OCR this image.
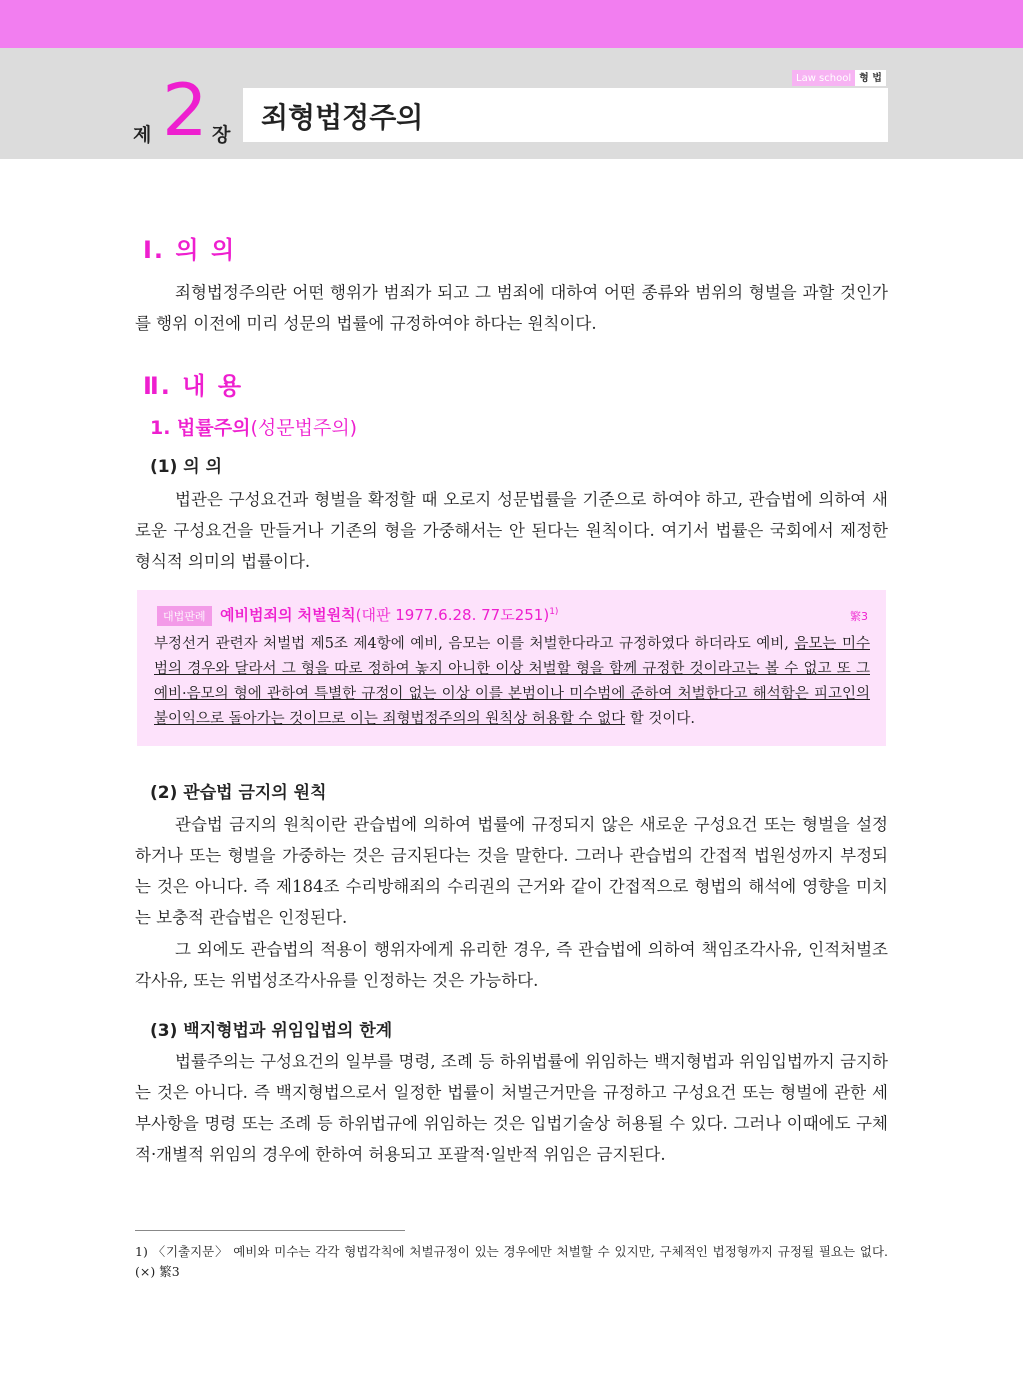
Law school 형 법
제 2 장
죄형법정주의
Ⅰ. 의 의
죄형법정주의란 어떤 행위가 범죄가 되고 그 범죄에 대하여 어떤 종류와 범위의 형벌을 과할 것인가를 행위 이전에 미리 성문의 법률에 규정하여야 하다는 원칙이다.
Ⅱ. 내 용
1. 법률주의(성문법주의)
(1) 의 의
법관은 구성요건과 형벌을 확정할 때 오로지 성문법률을 기준으로 하여야 하고, 관습법에 의하여 새로운 구성요건을 만들거나 기존의 형을 가중해서는 안 된다는 원칙이다. 여기서 법률은 국회에서 제정한 형식적 의미의 법률이다.
대법판례 예비범죄의 처벌원칙(대판 1977.6.28. 77도251)$^{1)}$	繁3
부정선거 관련자 처벌법 제5조 제4항에 예비, 음모는 이를 처벌한다라고 규정하였다 하더라도 예비, 음모는 미수범의 경우와 달라서 그 형을 따로 정하여 놓지 아니한 이상 처벌할 형을 함께 규정한 것이라고는 볼 수 없고 또 그 예비·음모의 형에 관하여 특별한 규정이 없는 이상 이를 본범이나 미수범에 준하여 처벌한다고 해석함은 피고인의 불이익으로 돌아가는 것이므로 이는 죄형법정주의의 원칙상 허용할 수 없다 할 것이다.
(2) 관습법 금지의 원칙
관습법 금지의 원칙이란 관습법에 의하여 법률에 규정되지 않은 새로운 구성요건 또는 형벌을 설정하거나 또는 형벌을 가중하는 것은 금지된다는 것을 말한다. 그러나 관습법의 간접적 법원성까지 부정되는 것은 아니다. 즉 제184조 수리방해죄의 수리권의 근거와 같이 간접적으로 형법의 해석에 영향을 미치는 보충적 관습법은 인정된다.
그 외에도 관습법의 적용이 행위자에게 유리한 경우, 즉 관습법에 의하여 책임조각사유, 인적처벌조각사유, 또는 위법성조각사유를 인정하는 것은 가능하다.
(3) 백지형법과 위임입법의 한계
법률주의는 구성요건의 일부를 명령, 조례 등 하위법률에 위임하는 백지형법과 위임입법까지 금지하는 것은 아니다. 즉 백지형법으로서 일정한 법률이 처벌근거만을 규정하고 구성요건 또는 형벌에 관한 세부사항을 명령 또는 조례 등 하위법규에 위임하는 것은 입법기술상 허용될 수 있다. 그러나 이때에도 구체적·개별적 위임의 경우에 한하여 허용되고 포괄적·일반적 위임은 금지된다.
1) 〈기출지문〉 예비와 미수는 각각 형법각칙에 처벌규정이 있는 경우에만 처벌할 수 있지만, 구체적인 법정형까지 규정될 필요는 없다. (×) 繁3
